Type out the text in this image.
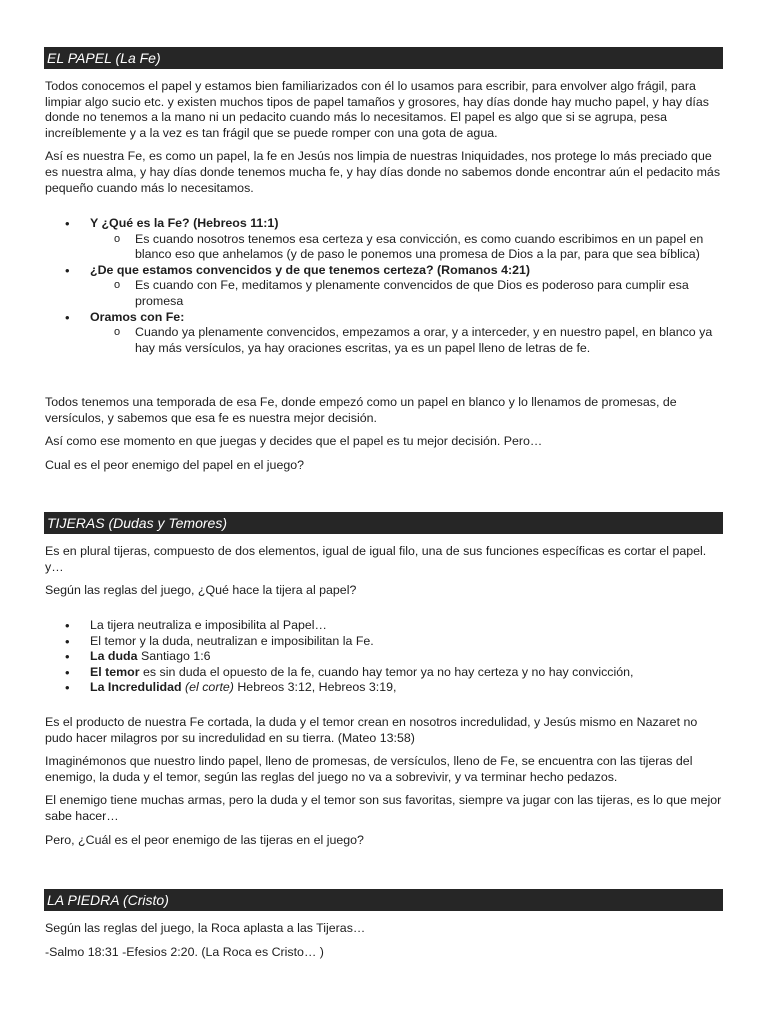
EL PAPEL (La Fe)

Todos conocemos el papel y estamos bien familiarizados con él lo usamos para escribir, para envolver algo frágil, para limpiar algo sucio etc. y existen muchos tipos de papel tamaños y grosores, hay días donde hay mucho papel, y hay días donde no tenemos a la mano ni un pedacito cuando más lo necesitamos. El papel es algo que si se agrupa, pesa increíblemente y a la vez es tan frágil que se puede romper con una gota de agua.

Así es nuestra Fe, es como un papel, la fe en Jesús nos limpia de nuestras Iniquidades, nos protege lo más preciado que es nuestra alma, y hay días donde tenemos mucha fe, y hay días donde no sabemos donde encontrar aún el pedacito más pequeño cuando más lo necesitamos.

• Y ¿Qué es la Fe? (Hebreos 11:1)
o Es cuando nosotros tenemos esa certeza y esa convicción, es como cuando escribimos en un papel en blanco eso que anhelamos (y de paso le ponemos una promesa de Dios a la par, para que sea bíblica)
• ¿De que estamos convencidos y de que tenemos certeza? (Romanos 4:21)
o Es cuando con Fe, meditamos y plenamente convencidos de que Dios es poderoso para cumplir esa promesa
• Oramos con Fe:
o Cuando ya plenamente convencidos, empezamos a orar, y a interceder, y en nuestro papel, en blanco ya hay más versículos, ya hay oraciones escritas, ya es un papel lleno de letras de fe.

Todos tenemos una temporada de esa Fe, donde empezó como un papel en blanco y lo llenamos de promesas, de versículos, y sabemos que esa fe es nuestra mejor decisión.

Así como ese momento en que juegas y decides que el papel es tu mejor decisión. Pero…

Cual es el peor enemigo del papel en el juego?

TIJERAS (Dudas y Temores)

Es en plural tijeras, compuesto de dos elementos, igual de igual filo, una de sus funciones específicas es cortar el papel. y…

Según las reglas del juego, ¿Qué hace la tijera al papel?

• La tijera neutraliza e imposibilita al Papel…
• El temor y la duda, neutralizan e imposibilitan la Fe.
• La duda Santiago 1:6
• El temor es sin duda el opuesto de la fe, cuando hay temor ya no hay certeza y no hay convicción,
• La Incredulidad (el corte) Hebreos 3:12, Hebreos 3:19,

Es el producto de nuestra Fe cortada, la duda y el temor crean en nosotros incredulidad, y Jesús mismo en Nazaret no pudo hacer milagros por su incredulidad en su tierra. (Mateo 13:58)

Imaginémonos que nuestro lindo papel, lleno de promesas, de versículos, lleno de Fe, se encuentra con las tijeras del enemigo, la duda y el temor, según las reglas del juego no va a sobrevivir, y va terminar hecho pedazos.

El enemigo tiene muchas armas, pero la duda y el temor son sus favoritas, siempre va jugar con las tijeras, es lo que mejor sabe hacer…

Pero, ¿Cuál es el peor enemigo de las tijeras en el juego?

LA PIEDRA (Cristo)

Según las reglas del juego, la Roca aplasta a las Tijeras…

-Salmo 18:31 -Efesios 2:20. (La Roca es Cristo… )
